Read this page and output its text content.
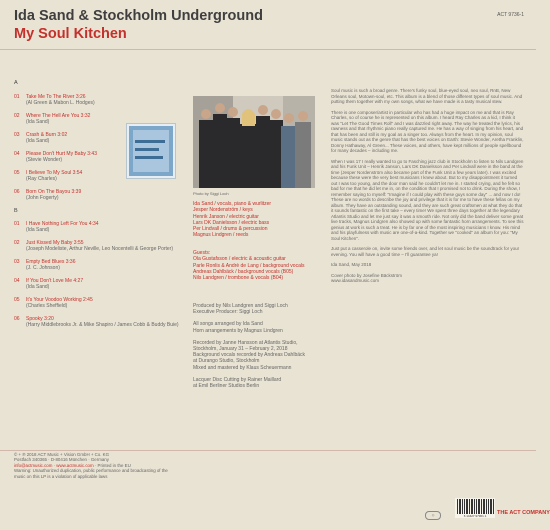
Ida Sand & Stockholm Underground
My Soul Kitchen
ACT 9736-1
A
01 Take Me To The River 3:26
(Al Green & Mabon L. Hodges)
02 Where The Hell Are You 3:32
(Ida Sand)
03 Crash & Burn 3:02
(Ida Sand)
04 Please Don't Hurt My Baby 3:43
(Stevie Wonder)
05 I Believe To My Soul 3:54
(Ray Charles)
06 Born On The Bayou 3:39
(John Fogerty)
B
01 I Have Nothing Left For You 4:34
(Ida Sand)
02 Just Kissed My Baby 3:55
(Joseph Modeliste, Arthur Neville, Leo Nocentelli & George Porter)
03 Empty Bed Blues 3:36
(J. C. Johnson)
04 If You Don't Love Me 4:27
(Ida Sand)
05 It's Your Voodoo Working 2:45
(Charles Sheffield)
06 Spooky 3:20
(Harry Middlebrooks Jr. & Mike Shapiro / James Cobb & Buddy Buie)
Photo by Siggi Loch
Ida Sand / vocals, piano & wurlitzer
Jesper Nordenström / keys
Henrik Janson / electric guitar
Lars DK Danielsson / electric bass
Per Lindvall / drums & percussion
Magnus Lindgren / reeds
Guests:
Ola Gustafsson / electric & acoustic guitar
Parle Ronlis & Andrè de Lang / background vocals
Andreas Dahlbäck / background vocals (B05)
Nils Landgren / trombone & vocals (B04)
Produced by Nils Landgren and Siggi Loch
Executive Producer: Siggi Loch
All songs arranged by Ida Sand
Horn arrangements by Magnus Lindgren
Recorded by Janne Hansson at Atlantis Studio,
Stockholm, January 31 – February 2, 2018
Background vocals recorded by Andreas Dahlbäck
at Durango Studio, Stockholm
Mixed and mastered by Klaus Scheuermann
Lacquer Disc Cutting by Rainer Maillard
at Emil Berliner Studios Berlin

Soul music is such a broad genre. There's funky soul, blue-eyed soul, neo soul, RnB, New Orleans soul, Motown-soul, etc. This album is a blend of those different types of soul music. And putting them together with my own songs, what we have made is a tasty musical stew.

There is one composer/artist in particular who has had a huge impact on me and that is Ray Charles, so of course he is represented on this album. I heard Ray Charles as a kid, I think it was "Let The Good Times Roll" and I was dazzled right away. The way he treated the lyrics, his rawness and that rhythmic piano really captured me. He has a way of singing from his heart, and that has been and still is my goal as a singer too. Always from the heart. In my opinion, soul music stands out as the genre that has the best voices on Earth: Stevie Wonder, Aretha Franklin, Donny Hathaway, Al Green... These voices, and others, have kept millions of people spellbound for many decades – including me.

When I was 17 I really wanted to go to Fasching jazz club in Stockholm to listen to Nils Landgren and his Funk Unit – Henrik Janson, Lars DK Danielsson and Per Lindvall were in the band at the time (Jesper Nordenström also became part of the Funk Unit a few years later). I was excited because these were the very best musicians I knew about. But to my disappointment it turned out I was too young, and the door man said he couldn't let me in. I started crying, and he felt so bad for me that he did let me in, on the condition that I promised not to drink. During the show, I remember saying to myself: "Imagine if I could play with these guys some day" ... and now I do! These are no words to describe the joy and privilege that it is for me to have these fellas on my album. They have an outstanding sound, and they are such great craftsmen at what they do that it sounds fantastic on the first take – every time! We spent three days together at the legendary Atlantis Studio and let me just say it was a smooth ride. Not only did the band deliver some great live tracks, Magnus Lindgren also showed up with some fantastic horn arrangements. To see this genius at work is such a treat. He is by far one of the most inspiring musicians I know. His mind and his playfulness with music are one-of-a-kind. Together we "cooked" an album for you: "My Soul Kitchen".

Just put a casserole on, invite some friends over, and let soul music be the soundtrack for your evening. You will have a good time – I'll guarantee ya!

Ida Sand, May 2018

Cover photo by Josefine Bäckström
www.idasandmusic.com

© + ℗ 2018 ACT Music + Vision GmbH + Co. KG
Postfach 340365 · D-80416 München · Germany
info@actmusic.com · www.actmusic.com · Printed in the EU
Warning: Unauthorized duplication, public performance and broadcasting of the music on this LP is a violation of applicable laws
◎	6 14427 97361 1	THE ACT COMPANY
